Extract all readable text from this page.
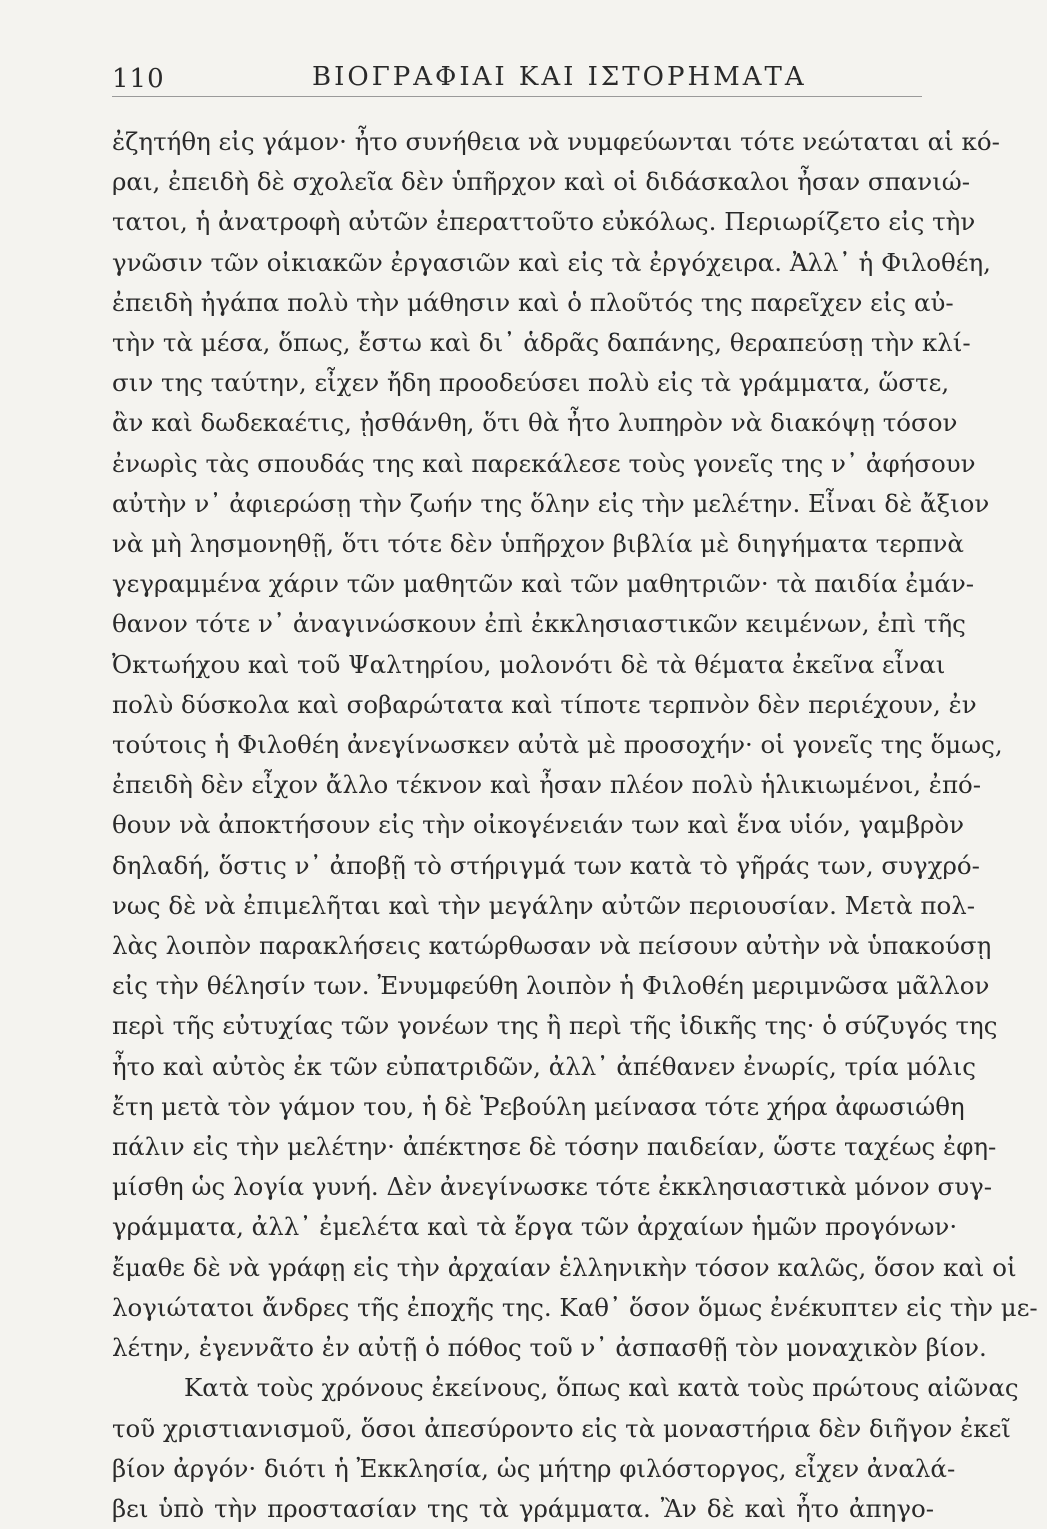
110	ΒΙΟΓΡΑΦΙΑΙ ΚΑΙ ΙΣΤΟΡΗΜΑΤΑ
ἐζητήθη εἰς γάμον· ἦτο συνήθεια νὰ νυμφεύωνται τότε νεώταται αἱ κό-
ραι, ἐπειδὴ δὲ σχολεῖα δὲν ὑπῆρχον καὶ οἱ διδάσκαλοι ἦσαν σπανιώ-
τατοι, ἡ ἀνατροφὴ αὐτῶν ἐπεραττοῦτο εὐκόλως. Περιωρίζετο εἰς τὴν
γνῶσιν τῶν οἰκιακῶν ἐργασιῶν καὶ εἰς τὰ ἐργόχειρα. Ἀλλ᾽ ἡ Φιλοθέη,
ἐπειδὴ ἠγάπα πολὺ τὴν μάθησιν καὶ ὁ πλοῦτός της παρεῖχεν εἰς αὐ-
τὴν τὰ μέσα, ὅπως, ἔστω καὶ δι᾽ ἁδρᾶς δαπάνης, θεραπεύσῃ τὴν κλί-
σιν της ταύτην, εἶχεν ἤδη προοδεύσει πολὺ εἰς τὰ γράμματα, ὥστε,
ἂν καὶ δωδεκαέτις, ᾐσθάνθη, ὅτι θὰ ἦτο λυπηρὸν νὰ διακόψῃ τόσον
ἐνωρὶς τὰς σπουδάς της καὶ παρεκάλεσε τοὺς γονεῖς της ν᾽ ἀφήσουν
αὐτὴν ν᾽ ἀφιερώσῃ τὴν ζωήν της ὅλην εἰς τὴν μελέτην. Εἶναι δὲ ἄξιον
νὰ μὴ λησμονηθῇ, ὅτι τότε δὲν ὑπῆρχον βιβλία μὲ διηγήματα τερπνὰ
γεγραμμένα χάριν τῶν μαθητῶν καὶ τῶν μαθητριῶν· τὰ παιδία ἐμάν-
θανον τότε ν᾽ ἀναγινώσκουν ἐπὶ ἐκκλησιαστικῶν κειμένων, ἐπὶ τῆς
Ὀκτωήχου καὶ τοῦ Ψαλτηρίου, μολονότι δὲ τὰ θέματα ἐκεῖνα εἶναι
πολὺ δύσκολα καὶ σοβαρώτατα καὶ τίποτε τερπνὸν δὲν περιέχουν, ἐν
τούτοις ἡ Φιλοθέη ἀνεγίνωσκεν αὐτὰ μὲ προσοχήν· οἱ γονεῖς της ὅμως,
ἐπειδὴ δὲν εἶχον ἄλλο τέκνον καὶ ἦσαν πλέον πολὺ ἡλικιωμένοι, ἐπό-
θουν νὰ ἀποκτήσουν εἰς τὴν οἰκογένειάν των καὶ ἕνα υἱόν, γαμβρὸν
δηλαδή, ὅστις ν᾽ ἀποβῇ τὸ στήριγμά των κατὰ τὸ γῆράς των, συγχρό-
νως δὲ νὰ ἐπιμελῆται καὶ τὴν μεγάλην αὐτῶν περιουσίαν. Μετὰ πολ-
λὰς λοιπὸν παρακλήσεις κατώρθωσαν νὰ πείσουν αὐτὴν νὰ ὑπακούσῃ
εἰς τὴν θέλησίν των. Ἐνυμφεύθη λοιπὸν ἡ Φιλοθέη μεριμνῶσα μᾶλλον
περὶ τῆς εὐτυχίας τῶν γονέων της ἢ περὶ τῆς ἰδικῆς της· ὁ σύζυγός της
ἦτο καὶ αὐτὸς ἐκ τῶν εὐπατριδῶν, ἀλλ᾽ ἀπέθανεν ἐνωρίς, τρία μόλις
ἔτη μετὰ τὸν γάμον του, ἡ δὲ Ῥεβούλη μείνασα τότε χήρα ἀφωσιώθη
πάλιν εἰς τὴν μελέτην· ἀπέκτησε δὲ τόσην παιδείαν, ὥστε ταχέως ἐφη-
μίσθη ὡς λογία γυνή. Δὲν ἀνεγίνωσκε τότε ἐκκλησιαστικὰ μόνον συγ-
γράμματα, ἀλλ᾽ ἐμελέτα καὶ τὰ ἔργα τῶν ἀρχαίων ἡμῶν προγόνων·
ἔμαθε δὲ νὰ γράφῃ εἰς τὴν ἀρχαίαν ἑλληνικὴν τόσον καλῶς, ὅσον καὶ οἱ
λογιώτατοι ἄνδρες τῆς ἐποχῆς της. Καθ᾽ ὅσον ὅμως ἐνέκυπτεν εἰς τὴν με-
λέτην, ἐγεννᾶτο ἐν αὐτῇ ὁ πόθος τοῦ ν᾽ ἀσπασθῇ τὸν μοναχικὸν βίον.
Κατὰ τοὺς χρόνους ἐκείνους, ὅπως καὶ κατὰ τοὺς πρώτους αἰῶνας
τοῦ χριστιανισμοῦ, ὅσοι ἀπεσύροντο εἰς τὰ μοναστήρια δὲν διῆγον ἐκεῖ
βίον ἀργόν· διότι ἡ Ἐκκλησία, ὡς μήτηρ φιλόστοργος, εἶχεν ἀναλά-
βει ὑπὸ τὴν προστασίαν της τὰ γράμματα. Ἂν δὲ καὶ ἦτο ἀπηγο-
